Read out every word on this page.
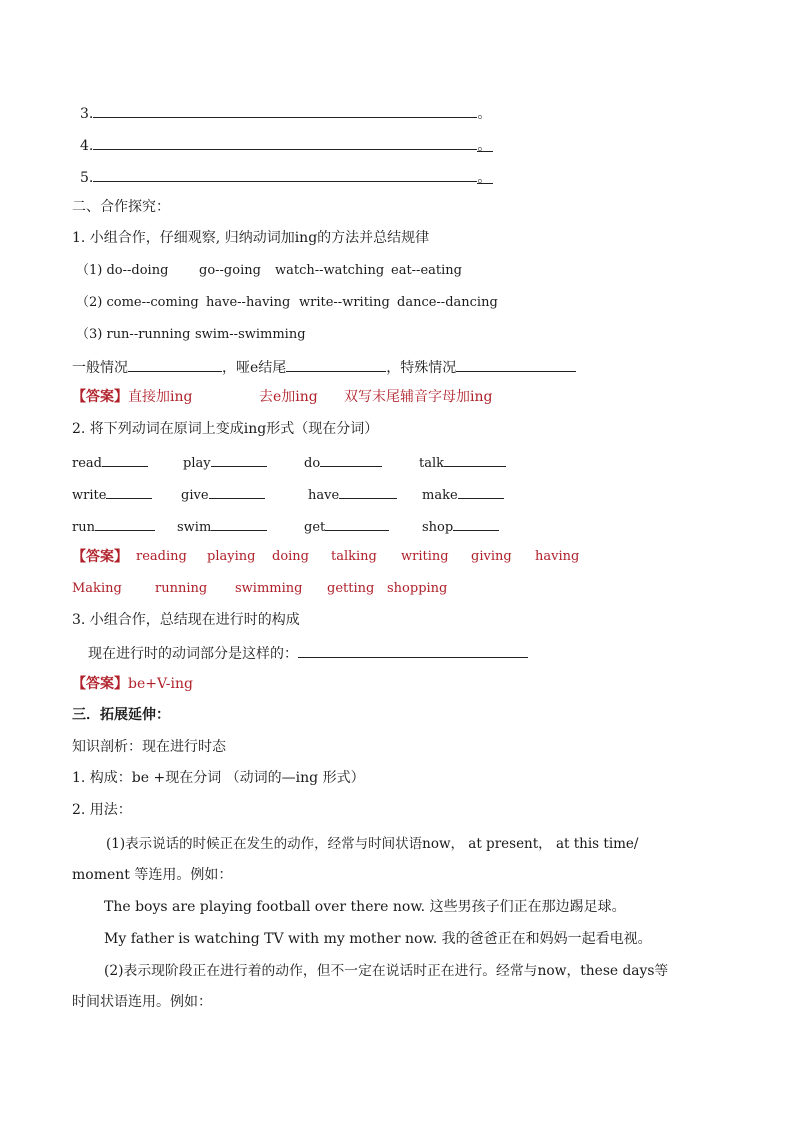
3.	。
4.	。
5.	。
二、合作探究：
1. 小组合作，仔细观察, 归纳动词加ing的方法并总结规律
（1) do--doing go--going watch--watching eat--eating
（2) come--coming have--having write--writing dance--dancing
（3) run--running swim--swimming
一般情况	，哑e结尾	，特殊情况
【答案】直接加ing	去e加ing 双写末尾辅音字母加ing
2. 将下列动词在原词上变成ing形式（现在分词）
read	play	do	talk
write	give	have	make
run	swim	get	shop
【答案】 reading playing doing talking writing giving having
Making	running swimming getting shopping
3. 小组合作，总结现在进行时的构成
现在进行时的动词部分是这样的：
【答案】be+V-ing
三．拓展延伸：
知识剖析：现在进行时态
1. 构成：be +现在分词 （动词的—ing 形式）
2. 用法：
(1)表示说话的时候正在发生的动作，经常与时间状语now， at present， at this time/
moment 等连用。例如：
The boys are playing football over there now. 这些男孩子们正在那边踢足球。
My father is watching TV with my mother now. 我的爸爸正在和妈妈一起看电视。
(2)表示现阶段正在进行着的动作，但不一定在说话时正在进行。经常与now，these days等
时间状语连用。例如：
